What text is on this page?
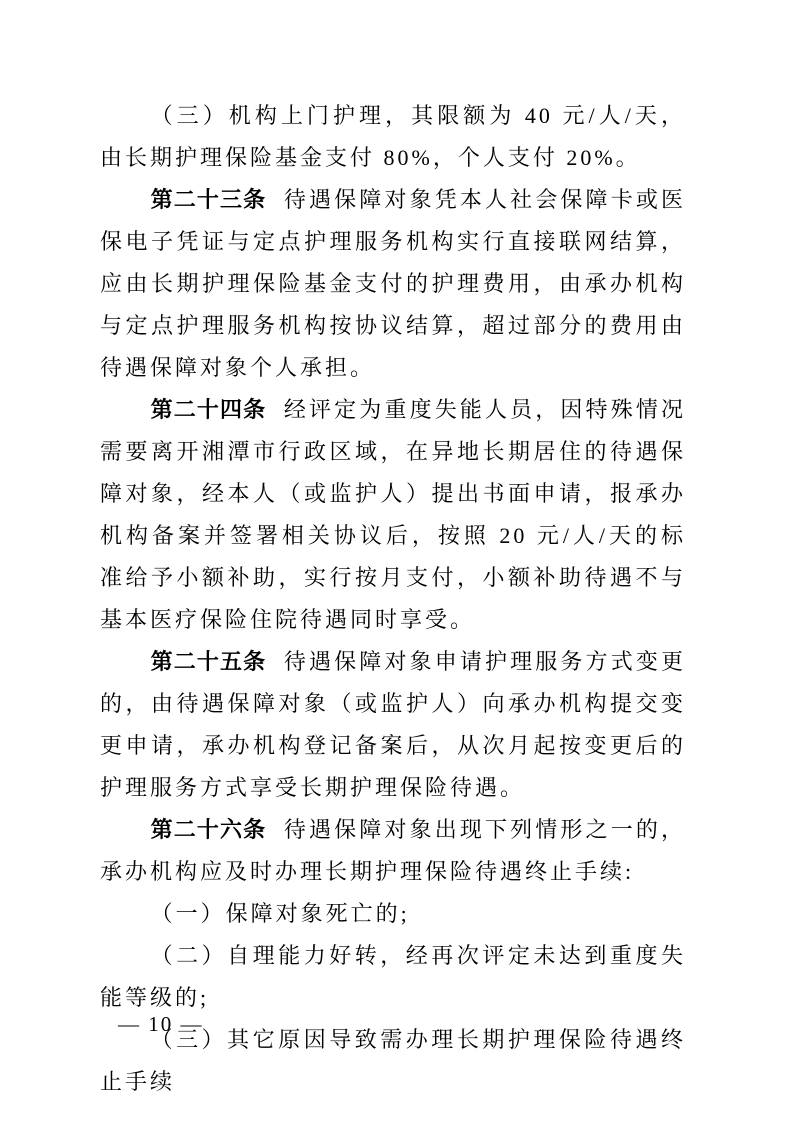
（三）机构上门护理，其限额为 40 元/人/天，由长期护理保险基金支付 80%，个人支付 20%。

第二十三条 待遇保障对象凭本人社会保障卡或医保电子凭证与定点护理服务机构实行直接联网结算，应由长期护理保险基金支付的护理费用，由承办机构与定点护理服务机构按协议结算，超过部分的费用由待遇保障对象个人承担。

第二十四条 经评定为重度失能人员，因特殊情况需要离开湘潭市行政区域，在异地长期居住的待遇保障对象，经本人（或监护人）提出书面申请，报承办机构备案并签署相关协议后，按照 20 元/人/天的标准给予小额补助，实行按月支付，小额补助待遇不与基本医疗保险住院待遇同时享受。

第二十五条 待遇保障对象申请护理服务方式变更的，由待遇保障对象（或监护人）向承办机构提交变更申请，承办机构登记备案后，从次月起按变更后的护理服务方式享受长期护理保险待遇。

第二十六条 待遇保障对象出现下列情形之一的，承办机构应及时办理长期护理保险待遇终止手续:

（一）保障对象死亡的;

（二）自理能力好转，经再次评定未达到重度失能等级的;

（三）其它原因导致需办理长期护理保险待遇终止手续

— 10 —
